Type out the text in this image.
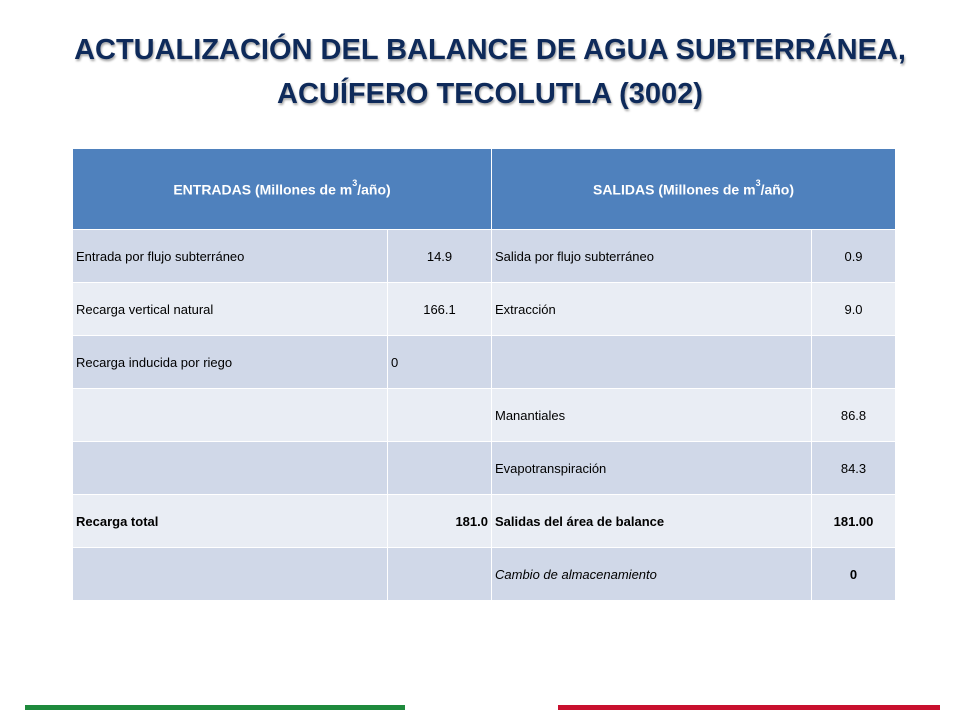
ACTUALIZACIÓN DEL BALANCE DE AGUA SUBTERRÁNEA,
ACUÍFERO TECOLUTLA (3002)
ENTRADAS (Millones de $m^3/año$)		SALIDAS (Millones de $m^3/año$)	
Entrada por flujo subterráneo	14.9	Salida por flujo subterráneo	0.9
Recarga vertical natural	166.1	Extracción	9.0
Recarga inducida por riego	0		
		Manantiales	86.8
		Evapotranspiración	84.3
Recarga total	181.0	Salidas del área de balance	181.00
		Cambio de almacenamiento	0
